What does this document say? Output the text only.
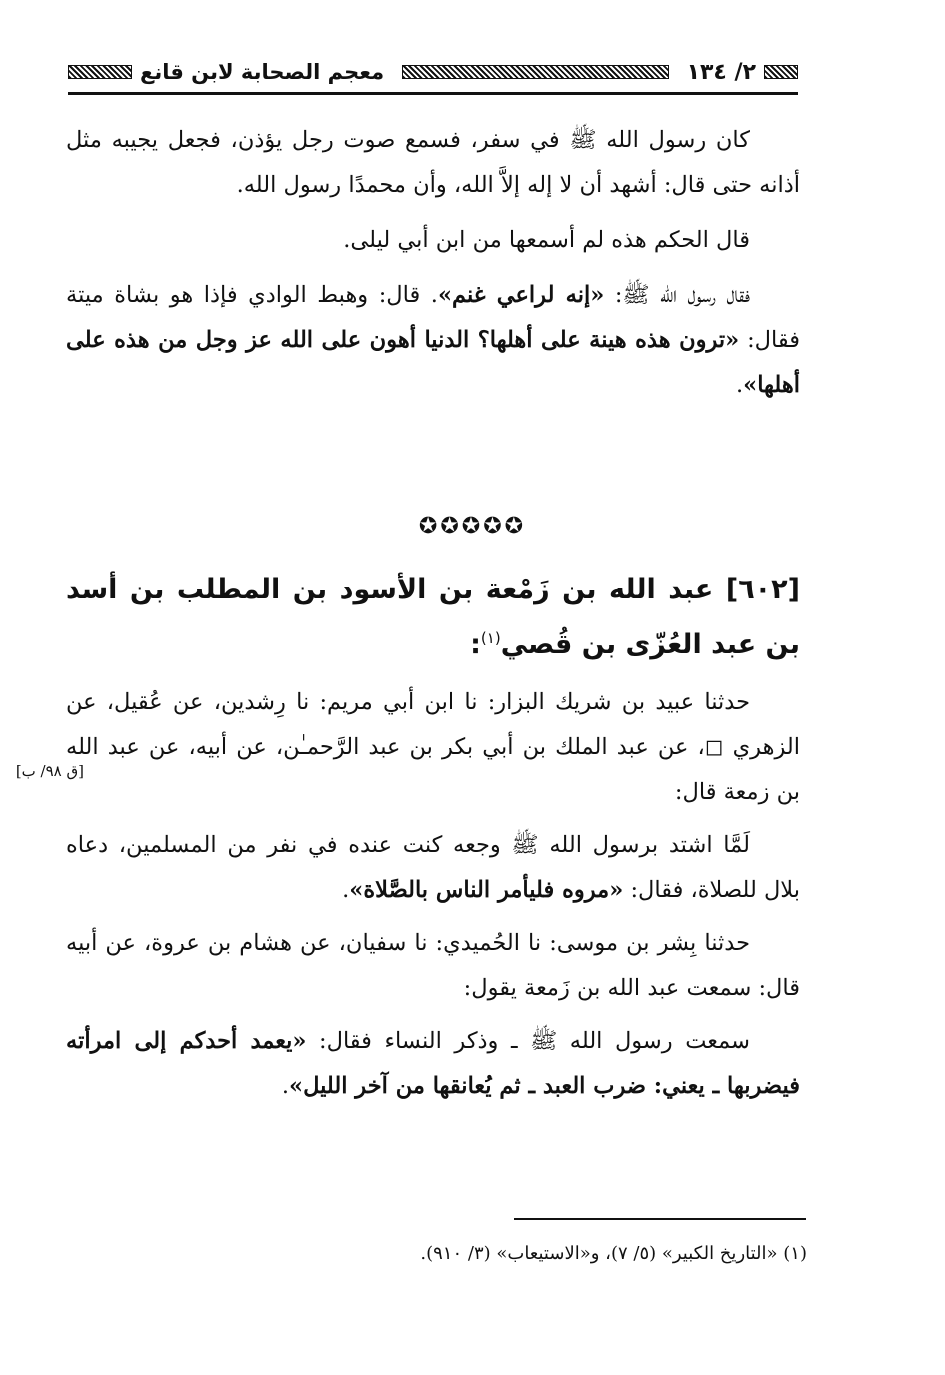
معجم الصحابة لابن قانع	٢/ ١٣٤

كان رسول الله ﷺ في سفر، فسمع صوت رجل يؤذن، فجعل يجيبه مثل أذانه حتى قال: أشهد أن لا إله إلاَّ الله، وأن محمدًا رسول الله.

قال الحكم هذه لم أسمعها من ابن أبي ليلى.

فقال رسول الله ﷺ: «إنه لراعي غنم». قال: وهبط الوادي فإذا هو بشاة ميتة فقال: «ترون هذه هينة على أهلها؟ الدنيا أهون على الله عز وجل من هذه على أهلها».

✪✪✪✪✪
[٦٠٢] عبد الله بن زَمْعة بن الأسود بن المطلب بن أسد بن عبد العُزّى بن قُصي$^{(١)}$:

حدثنا عبيد بن شريك البزار: نا ابن أبي مريم: نا رِشدين، عن عُقيل، عن الزهري ◻، عن عبد الملك بن أبي بكر بن عبد الرَّحمـٰن، عن أبيه، عن عبد الله بن زمعة قال:

لَمَّا اشتد برسول الله ﷺ وجعه كنت عنده في نفر من المسلمين، دعاه بلال للصلاة، فقال: «مروه فليأمر الناس بالصَّلاة».

حدثنا بِشر بن موسى: نا الحُميدي: نا سفيان، عن هشام بن عروة، عن أبيه قال: سمعت عبد الله بن زَمعة يقول:

سمعت رسول الله ﷺ ـ وذكر النساء فقال: «يعمد أحدكم إلى امرأته فيضربها ـ يعني: ضرب العبد ـ ثم يُعانقها من آخر الليل».

[ق ٩٨/ ب]
(١) «التاريخ الكبير» (٥/ ٧)، و«الاستيعاب» (٣/ ٩١٠).
